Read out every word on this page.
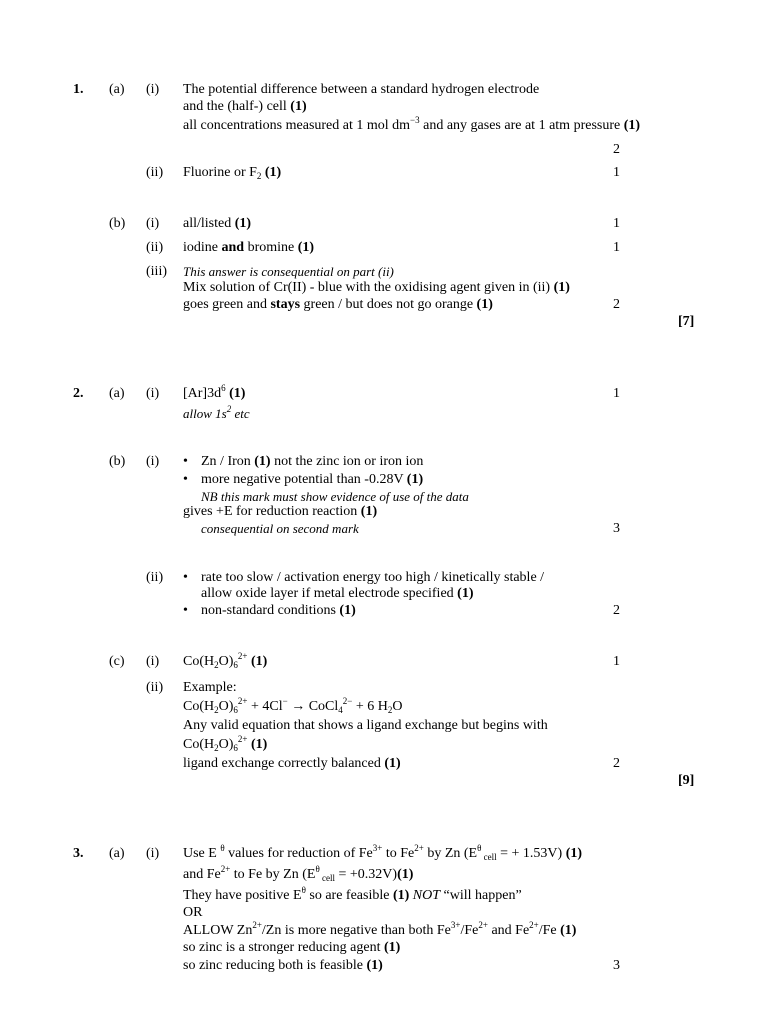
1. (a) (i) The potential difference between a standard hydrogen electrode
and the (half-) cell (1)
all concentrations measured at 1 mol $dm^{-3}$ and any gases are at 1 atm pressure (1)
2
(ii) Fluorine or $F_2$ (1)	1
(b) (i) all/listed (1)	1
(ii) iodine and bromine (1)	1
(iii) This answer is consequential on part (ii)
Mix solution of Cr(II) - blue with the oxidising agent given in (ii) (1)
goes green and stays green / but does not go orange (1)	2
[7]
2. (a) (i) $[Ar]3d^6$ (1)	1
allow $1s^2$ etc
(b) (i)	• Zn / Iron (1) not the zinc ion or iron ion
• more negative potential than -0.28V (1)
NB this mark must show evidence of use of the data
gives +E for reduction reaction (1)
consequential on second mark	3
(ii)	• rate too slow / activation energy too high / kinetically stable /
allow oxide layer if metal electrode specified (1)
• non-standard conditions (1)	2
(c) (i) $Co(H_2O)_6^{2+}$ (1)	1
(ii) Example:
$Co(H_2O)_6^{2+} + 4Cl^-$ → CoCl$_4^{2-}$ + 6 $H_2O$
Any valid equation that shows a ligand exchange but begins with
$Co(H_2O)_6^{2+}$ (1)
ligand exchange correctly balanced (1)	2
[9]
3. (a) (i) Use E $^\theta$ values for reduction of $Fe^{3+}$ to $Fe^{2+}$ by Zn ($E^\theta$ $_{cell}$ = + 1.53V) (1)
and $Fe^{2+}$ to Fe by Zn ($E^\theta$ $_{cell}$ = +0.32V)(1)
They have positive $E^\theta$ so are feasible (1) NOT “will happen”
OR
ALLOW $Zn^{2+}/Zn$ is more negative than both $Fe^{3+}/Fe^{2+}$ and $Fe^{2+}/Fe$ (1)
so zinc is a stronger reducing agent (1)
so zinc reducing both is feasible (1)	3
